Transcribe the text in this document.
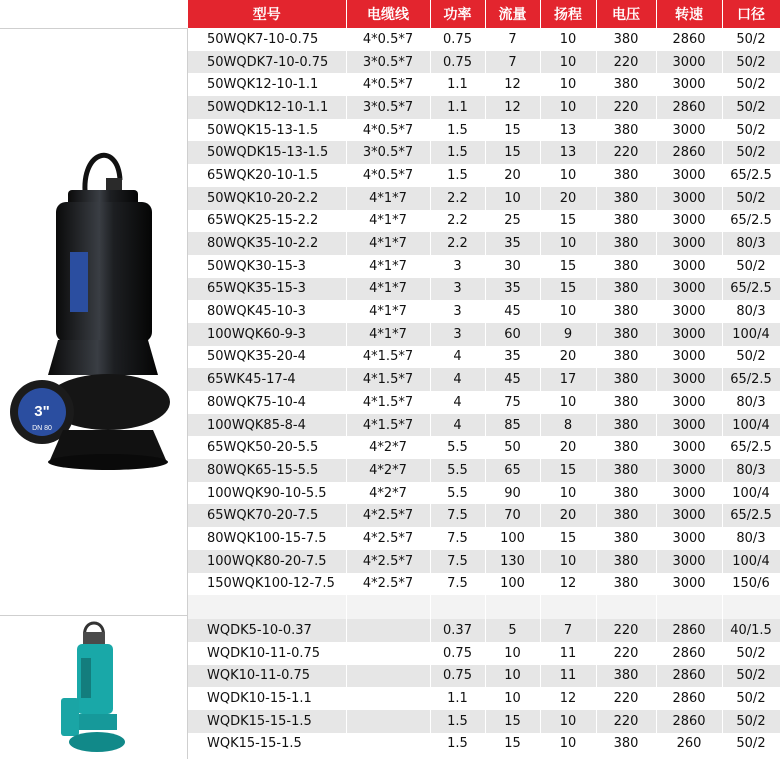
3"
DN 80
型号	电缆线	功率	流量	扬程	电压	转速	口径
50WQK7-10-0.75	4*0.5*7	0.75	7	10	380	2860	50/2
50WQDK7-10-0.75	3*0.5*7	0.75	7	10	220	3000	50/2
50WQK12-10-1.1	4*0.5*7	1.1	12	10	380	3000	50/2
50WQDK12-10-1.1	3*0.5*7	1.1	12	10	220	2860	50/2
50WQK15-13-1.5	4*0.5*7	1.5	15	13	380	3000	50/2
50WQDK15-13-1.5	3*0.5*7	1.5	15	13	220	2860	50/2
65WQK20-10-1.5	4*0.5*7	1.5	20	10	380	3000	65/2.5
50WQK10-20-2.2	4*1*7	2.2	10	20	380	3000	50/2
65WQK25-15-2.2	4*1*7	2.2	25	15	380	3000	65/2.5
80WQK35-10-2.2	4*1*7	2.2	35	10	380	3000	80/3
50WQK30-15-3	4*1*7	3	30	15	380	3000	50/2
65WQK35-15-3	4*1*7	3	35	15	380	3000	65/2.5
80WQK45-10-3	4*1*7	3	45	10	380	3000	80/3
100WQK60-9-3	4*1*7	3	60	9	380	3000	100/4
50WQK35-20-4	4*1.5*7	4	35	20	380	3000	50/2
65WK45-17-4	4*1.5*7	4	45	17	380	3000	65/2.5
80WQK75-10-4	4*1.5*7	4	75	10	380	3000	80/3
100WQK85-8-4	4*1.5*7	4	85	8	380	3000	100/4
65WQK50-20-5.5	4*2*7	5.5	50	20	380	3000	65/2.5
80WQK65-15-5.5	4*2*7	5.5	65	15	380	3000	80/3
100WQK90-10-5.5	4*2*7	5.5	90	10	380	3000	100/4
65WQK70-20-7.5	4*2.5*7	7.5	70	20	380	3000	65/2.5
80WQK100-15-7.5	4*2.5*7	7.5	100	15	380	3000	80/3
100WQK80-20-7.5	4*2.5*7	7.5	130	10	380	3000	100/4
150WQK100-12-7.5	4*2.5*7	7.5	100	12	380	3000	150/6

WQDK5-10-0.37		0.37	5	7	220	2860	40/1.5
WQDK10-11-0.75		0.75	10	11	220	2860	50/2
WQK10-11-0.75		0.75	10	11	380	2860	50/2
WQDK10-15-1.1		1.1	10	12	220	2860	50/2
WQDK15-15-1.5		1.5	15	10	220	2860	50/2
WQK15-15-1.5		1.5	15	10	380	260	50/2
